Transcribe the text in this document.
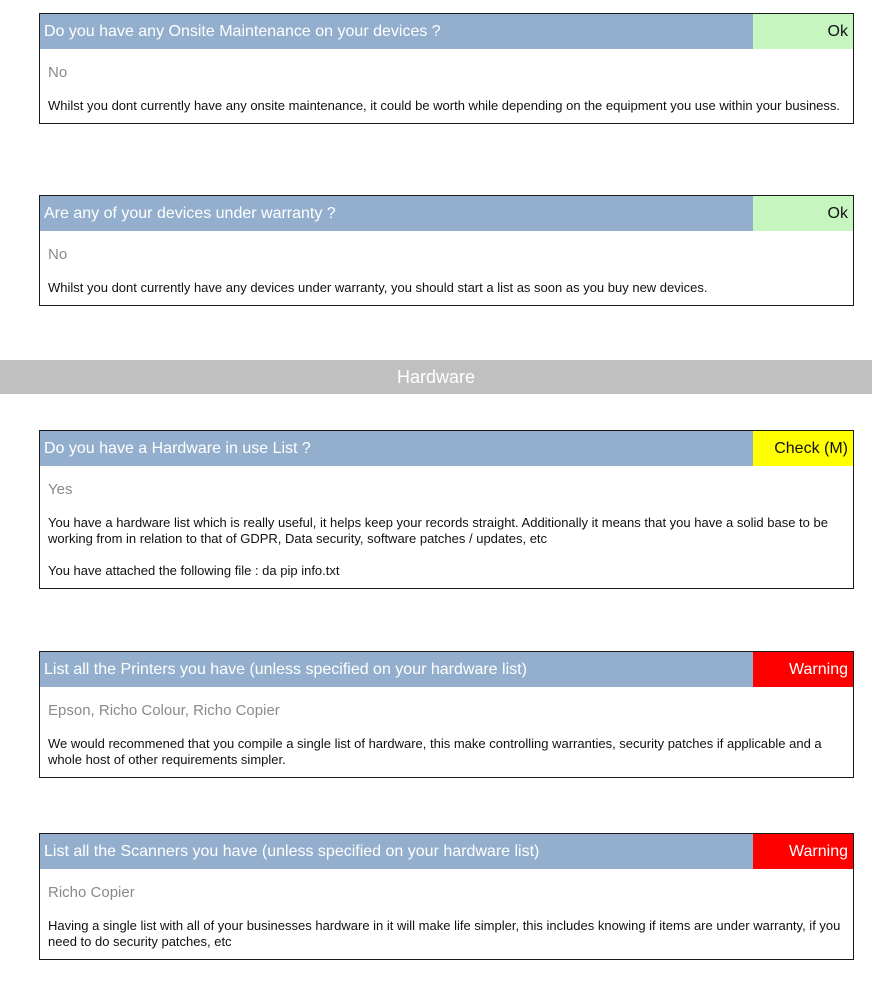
Do you have any Onsite Maintenance on your devices ?	Ok
No
Whilst you dont currently have any onsite maintenance, it could be worth while depending on the equipment you use within your business.
Are any of your devices under warranty ?	Ok
No
Whilst you dont currently have any devices under warranty, you should start a list as soon as you buy new devices.
Hardware
Do you have a Hardware in use List ?	Check (M)
Yes
You have a hardware list which is really useful, it helps keep your records straight. Additionally it means that you have a solid base to be working from in relation to that of GDPR, Data security, software patches / updates, etc
You have attached the following file : da pip info.txt
List all the Printers you have (unless specified on your hardware list)	Warning
Epson, Richo Colour, Richo Copier
We would recommened that you compile a single list of hardware, this make controlling warranties, security patches if applicable and a whole host of other requirements simpler.
List all the Scanners you have (unless specified on your hardware list)	Warning
Richo Copier
Having a single list with all of your businesses hardware in it will make life simpler, this includes knowing if items are under warranty, if you need to do security patches, etc
